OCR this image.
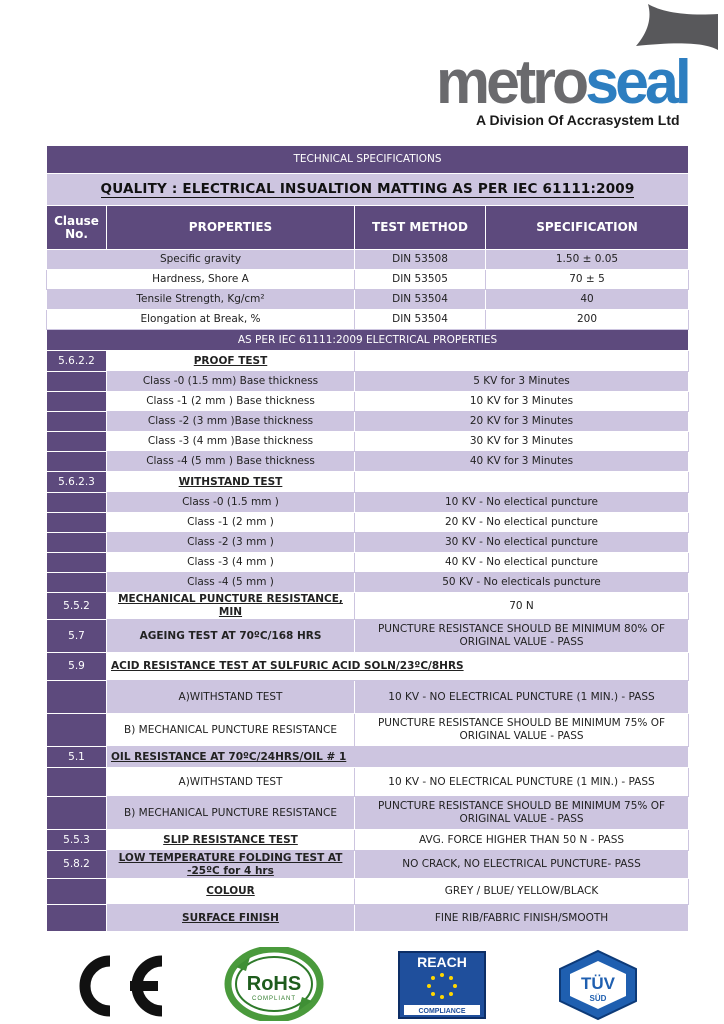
metroseal
A Division Of Accrasystem Ltd
TECHNICAL SPECIFICATIONS			
QUALITY : ELECTRICAL INSUALTION MATTING AS PER IEC 61111:2009			
Clause No.	PROPERTIES	TEST METHOD	SPECIFICATION
Specific gravity		DIN 53508	1.50 ± 0.05
Hardness, Shore A		DIN 53505	70 ± 5
Tensile Strength, Kg/cm²		DIN 53504	40
Elongation at Break, %		DIN 53504	200
AS PER IEC 61111:2009 ELECTRICAL PROPERTIES			
5.6.2.2	PROOF TEST		
	Class -0 (1.5 mm) Base thickness	5 KV for 3 Minutes	
	Class -1 (2 mm ) Base thickness	10 KV for 3 Minutes	
	Class -2 (3 mm )Base thickness	20 KV for 3 Minutes	
	Class -3 (4 mm )Base thickness	30 KV for 3 Minutes	
	Class -4 (5 mm ) Base thickness	40 KV for 3 Minutes	
5.6.2.3	WITHSTAND TEST		
	Class -0 (1.5 mm )	10 KV - No electical puncture	
	Class -1 (2 mm )	20 KV - No electical puncture	
	Class -2 (3 mm )	30 KV - No electical puncture	
	Class -3 (4 mm )	40 KV - No electical puncture	
	Class -4 (5 mm )	50 KV - No electicals puncture	
5.5.2	MECHANICAL PUNCTURE RESISTANCE, MIN	70 N	
5.7	AGEING TEST AT 70ºC/168 HRS	PUNCTURE RESISTANCE SHOULD BE MINIMUM 80% OF ORIGINAL VALUE - PASS	
5.9	ACID RESISTANCE TEST AT SULFURIC ACID SOLN/23ºC/8HRS		
	A)WITHSTAND TEST	10 KV - NO ELECTRICAL PUNCTURE (1 MIN.) - PASS	
	B) MECHANICAL PUNCTURE RESISTANCE	PUNCTURE RESISTANCE SHOULD BE MINIMUM 75% OF ORIGINAL VALUE - PASS	
5.1	OIL RESISTANCE AT 70ºC/24HRS/OIL # 1		
	A)WITHSTAND TEST	10 KV - NO ELECTRICAL PUNCTURE (1 MIN.) - PASS	
	B) MECHANICAL PUNCTURE RESISTANCE	PUNCTURE RESISTANCE SHOULD BE MINIMUM 75% OF ORIGINAL VALUE - PASS	
5.5.3	SLIP RESISTANCE TEST	AVG. FORCE HIGHER THAN 50 N - PASS	
5.8.2	LOW TEMPERATURE FOLDING TEST AT -25ºC for 4 hrs	NO CRACK, NO ELECTRICAL PUNCTURE- PASS	
	COLOUR	GREY / BLUE/ YELLOW/BLACK	
	SURFACE FINISH	FINE RIB/FABRIC FINISH/SMOOTH	
CE
RoHS
COMPLIANT
REACH
COMPLIANCE
TÜV
SÜD
